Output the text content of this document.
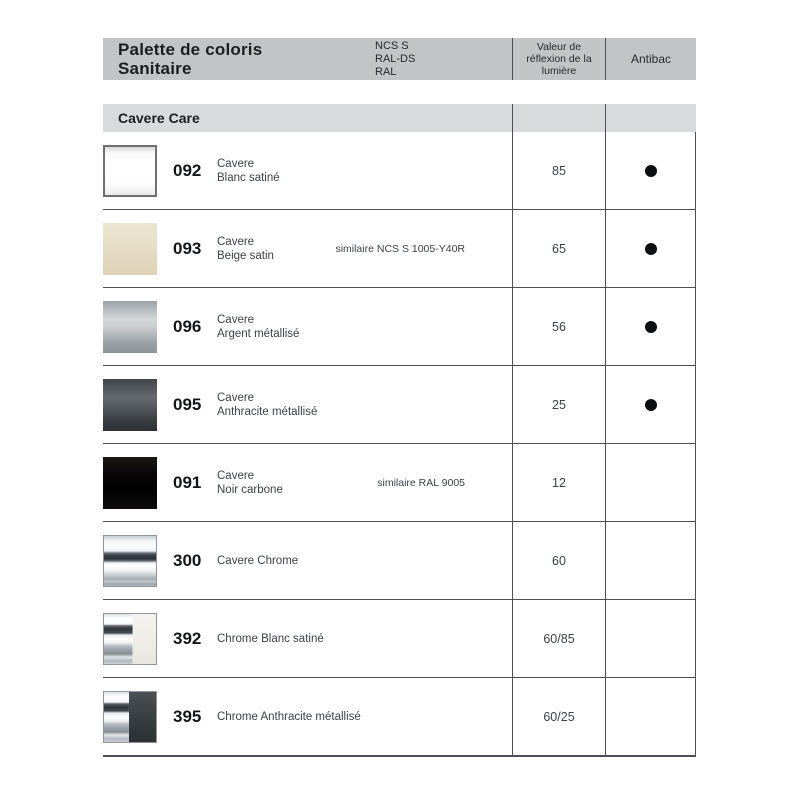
Palette de coloris
Sanitaire
NCS S
RAL-DS
RAL
Valeur de réflexion de la lumière
Antibac
Cavere Care
092	Cavere
Blanc satiné	85
093	Cavere
Beige satin
similaire NCS S 1005-Y40R	65
096	Cavere
Argent métallisé	56
095	Cavere
Anthracite métallisé	25
091	Cavere
Noir carbone
similaire RAL 9005	12
300	Cavere Chrome	60
392	Chrome Blanc satiné	60/85
395	Chrome Anthracite métallisé	60/25
